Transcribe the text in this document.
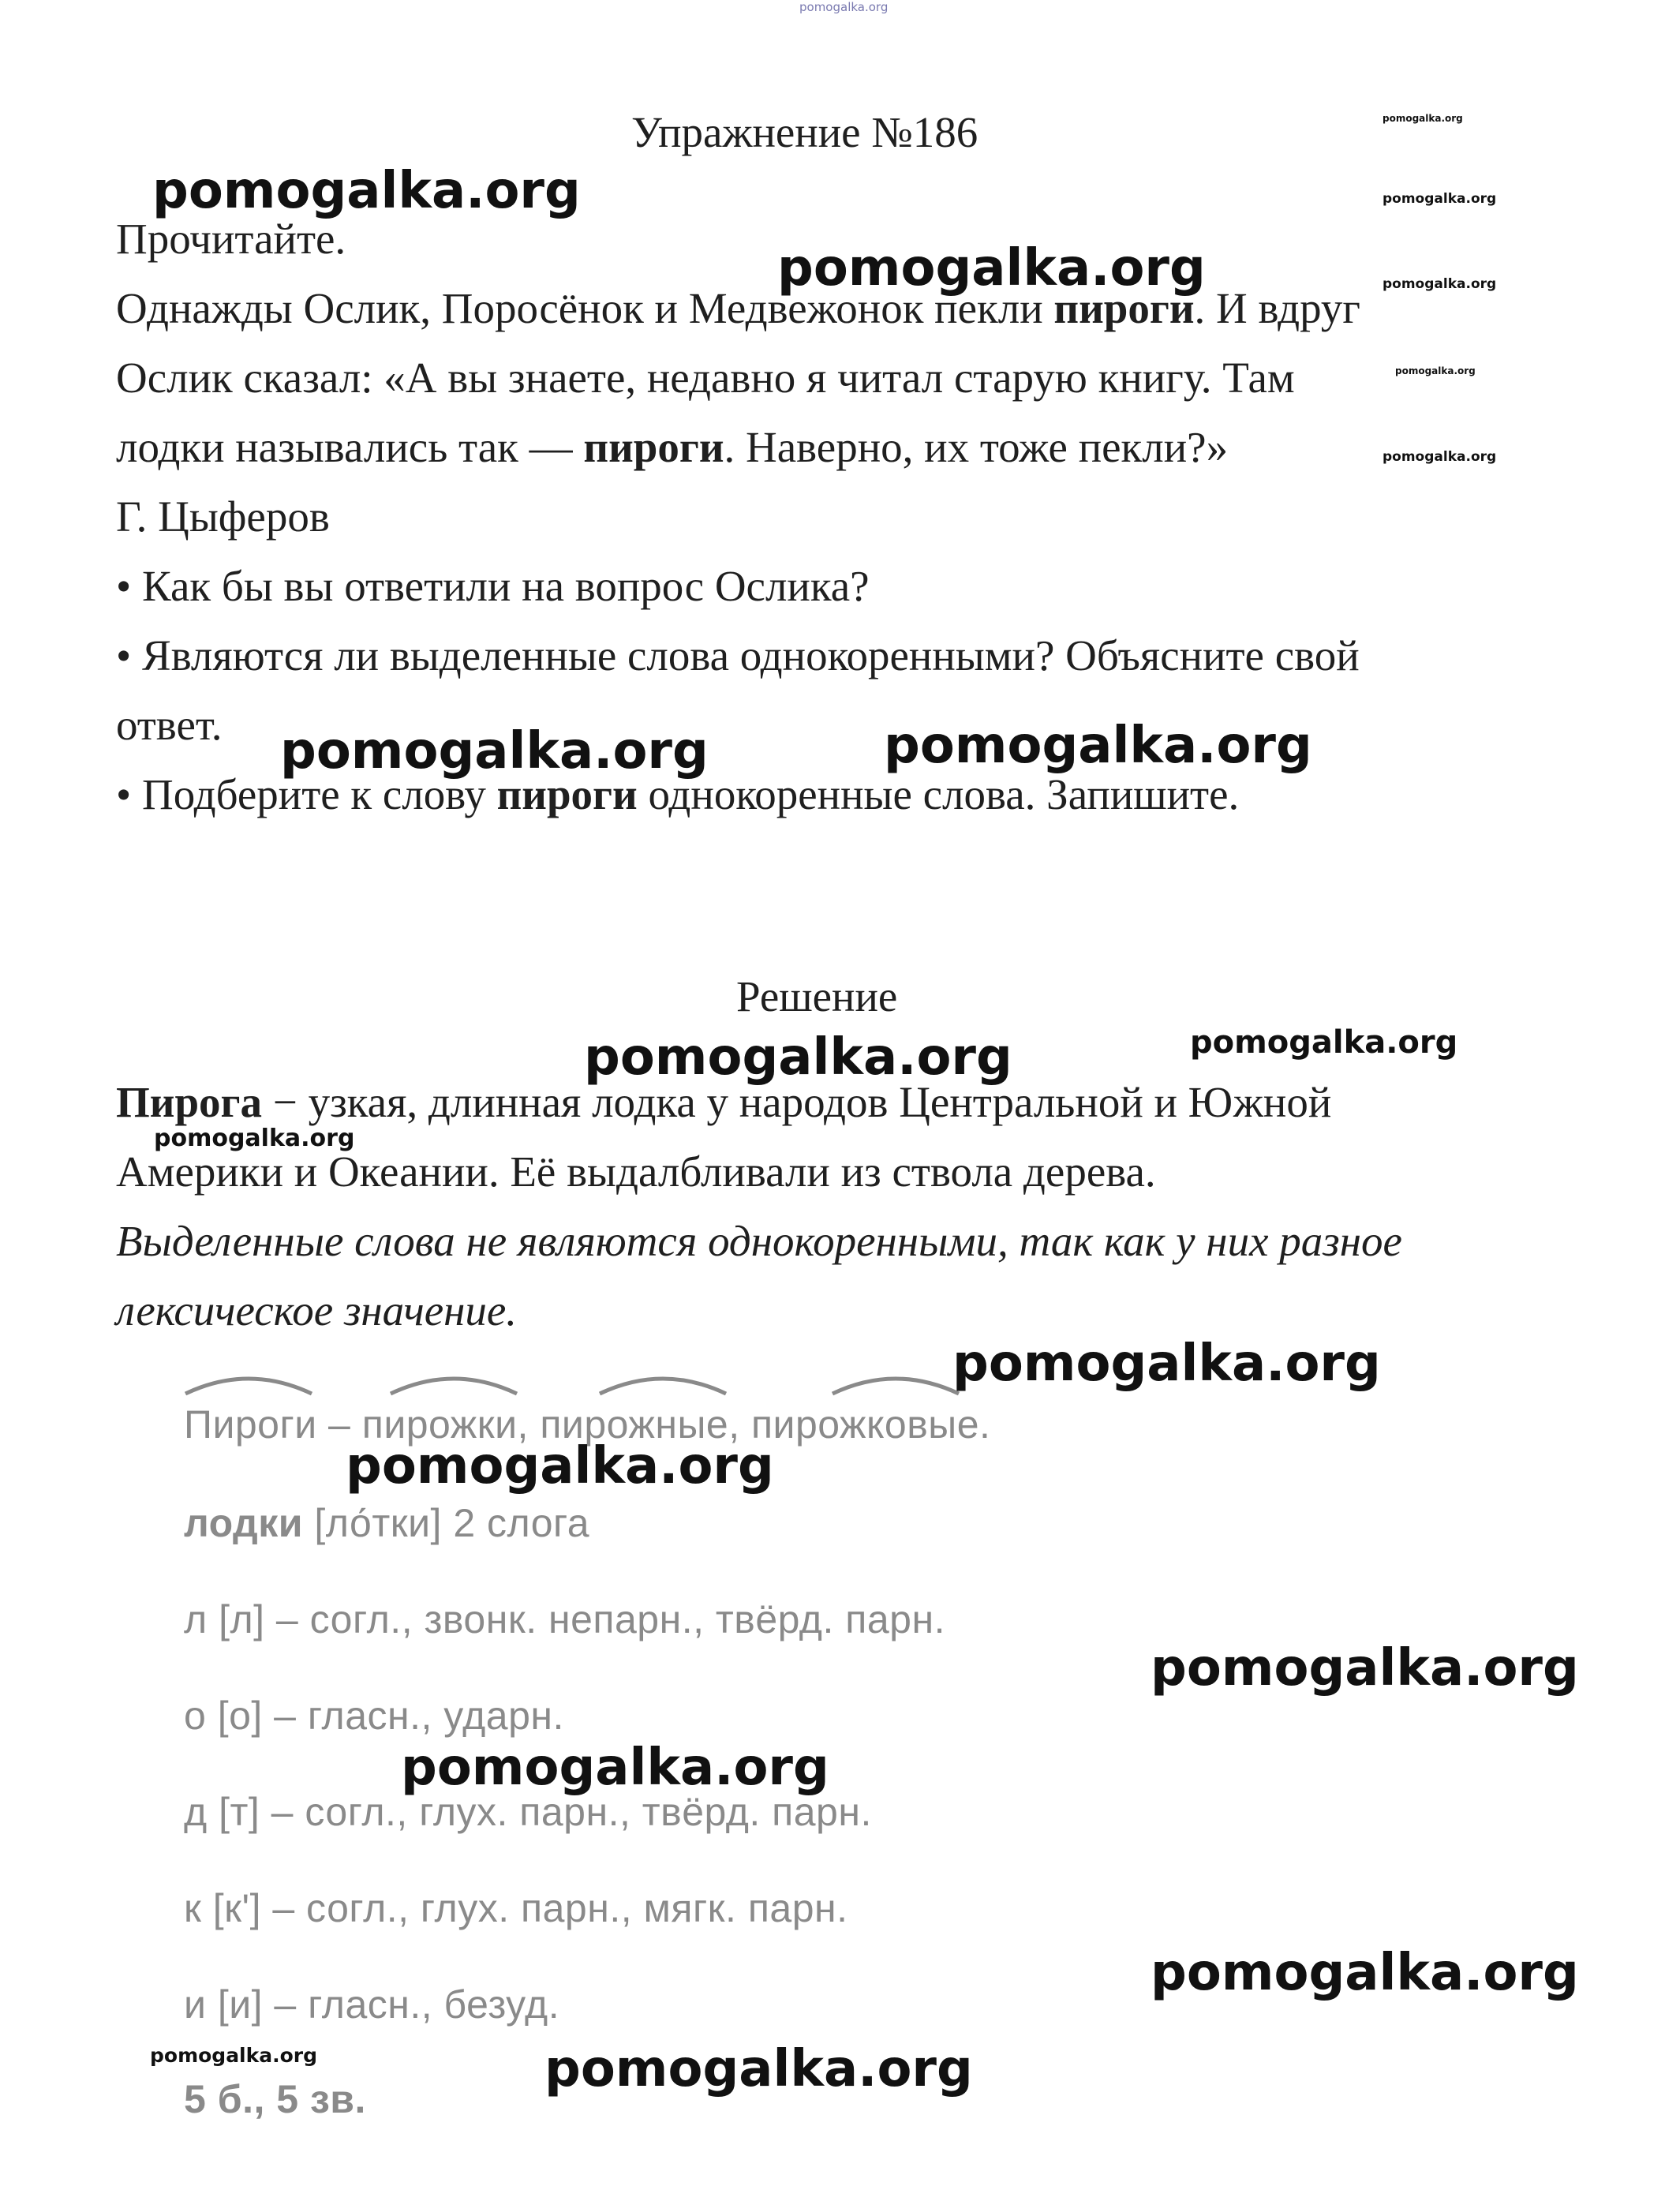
pomogalka.org
Упражнение №186
Прочитайте.
Однажды Ослик, Поросёнок и Медвежонок пекли пироги. И вдруг
Ослик сказал: «А вы знаете, недавно я читал старую книгу. Там
лодки назывались так — пироги. Наверно, их тоже пекли?»
Г. Цыферов
• Как бы вы ответили на вопрос Ослика?
• Являются ли выделенные слова однокоренными? Объясните свой
ответ.
• Подберите к слову пироги однокоренные слова. Запишите.
Решение
Пирога − узкая, длинная лодка у народов Центральной и Южной
Америки и Океании. Её выдалбливали из ствола дерева.
Выделенные слова не являются однокоренными, так как у них разное
лексическое значение.
Пироги – пирожки, пирожные, пирожковые.
лодки [ло́тки] 2 слога
л [л] – согл., звонк. непарн., твёрд. парн.
о [о] – гласн., ударн.
д [т] – согл., глух. парн., твёрд. парн.
к [к'] – согл., глух. парн., мягк. парн.
и [и] – гласн., безуд.
5 б., 5 зв.
pomogalka.org
pomogalka.org
pomogalka.org	pomogalka.org
pomogalka.org
pomogalka.org
pomogalka.org
pomogalka.org
pomogalka.org
pomogalka.org
pomogalka.org
pomogalka.org
pomogalka.org
pomogalka.org
pomogalka.org
pomogalka.org
pomogalka.org
pomogalka.org
pomogalka.org
